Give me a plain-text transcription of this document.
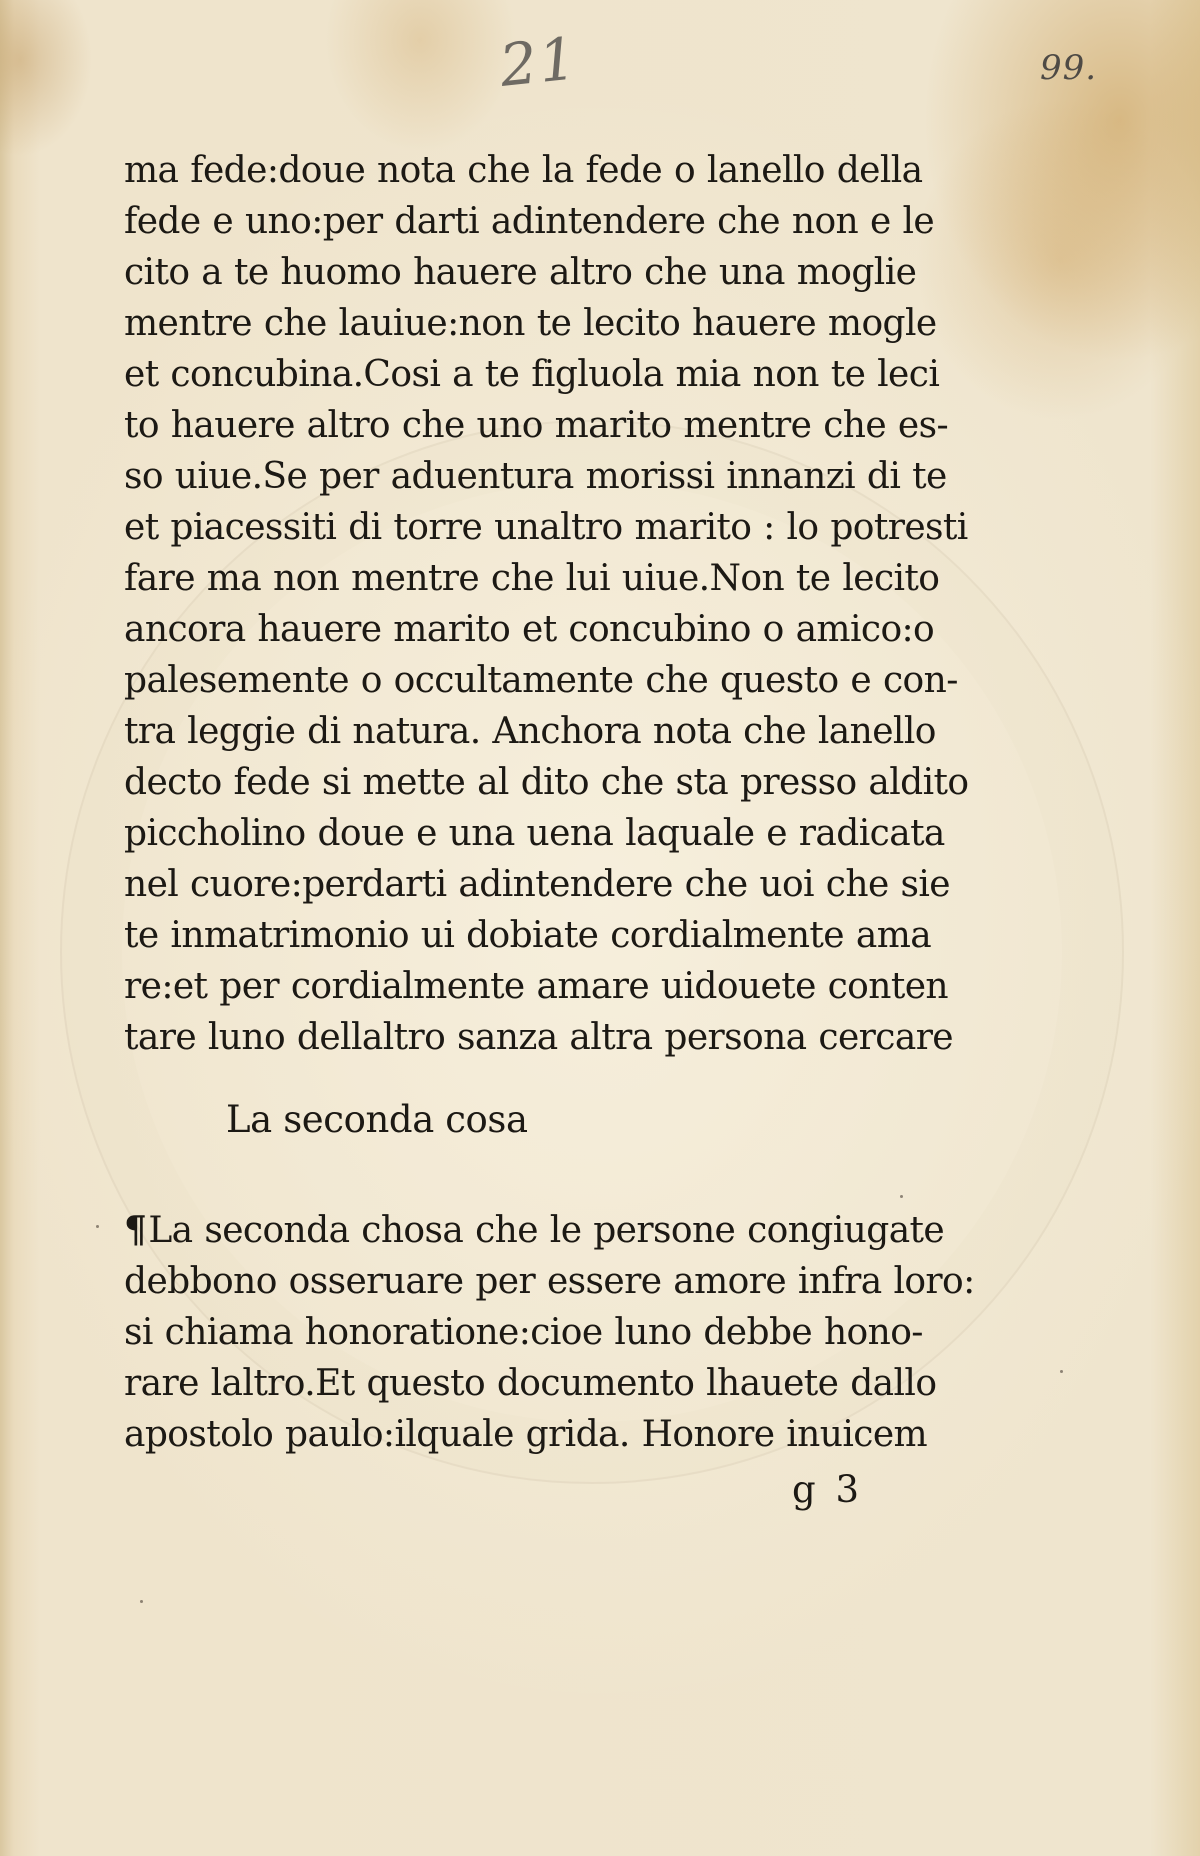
21	99.
ma fede:doue nota che la fede o lanello della
fede e uno:per darti adintendere che non e le
cito a te huomo hauere altro che una moglie
mentre che lauiue:non te lecito hauere mogle
et concubina.Cosi a te figluola mia non te leci
to hauere altro che uno marito mentre che es-
so uiue.Se per aduentura morissi innanzi di te
et piacessiti di torre unaltro marito : lo potresti
fare ma non mentre che lui uiue.Non te lecito
ancora hauere marito et concubino o amico:o
palesemente o occultamente che questo e con-
tra leggie di natura. Anchora nota che lanello
decto fede si mette al dito che sta presso aldito
piccholino doue e una uena laquale e radicata
nel cuore:perdarti adintendere che uoi che sie
te inmatrimonio ui dobiate cordialmente ama
re:et per cordialmente amare uidouete conten
tare luno dellaltro sanza altra persona cercare
La seconda cosa
¶La seconda chosa che le persone congiugate
debbono osseruare per essere amore infra loro:
si chiama honoratione:cioe luno debbe hono-
rare laltro.Et questo documento lhauete dallo
apostolo paulo:ilquale grida. Honore inuicem
g 3
